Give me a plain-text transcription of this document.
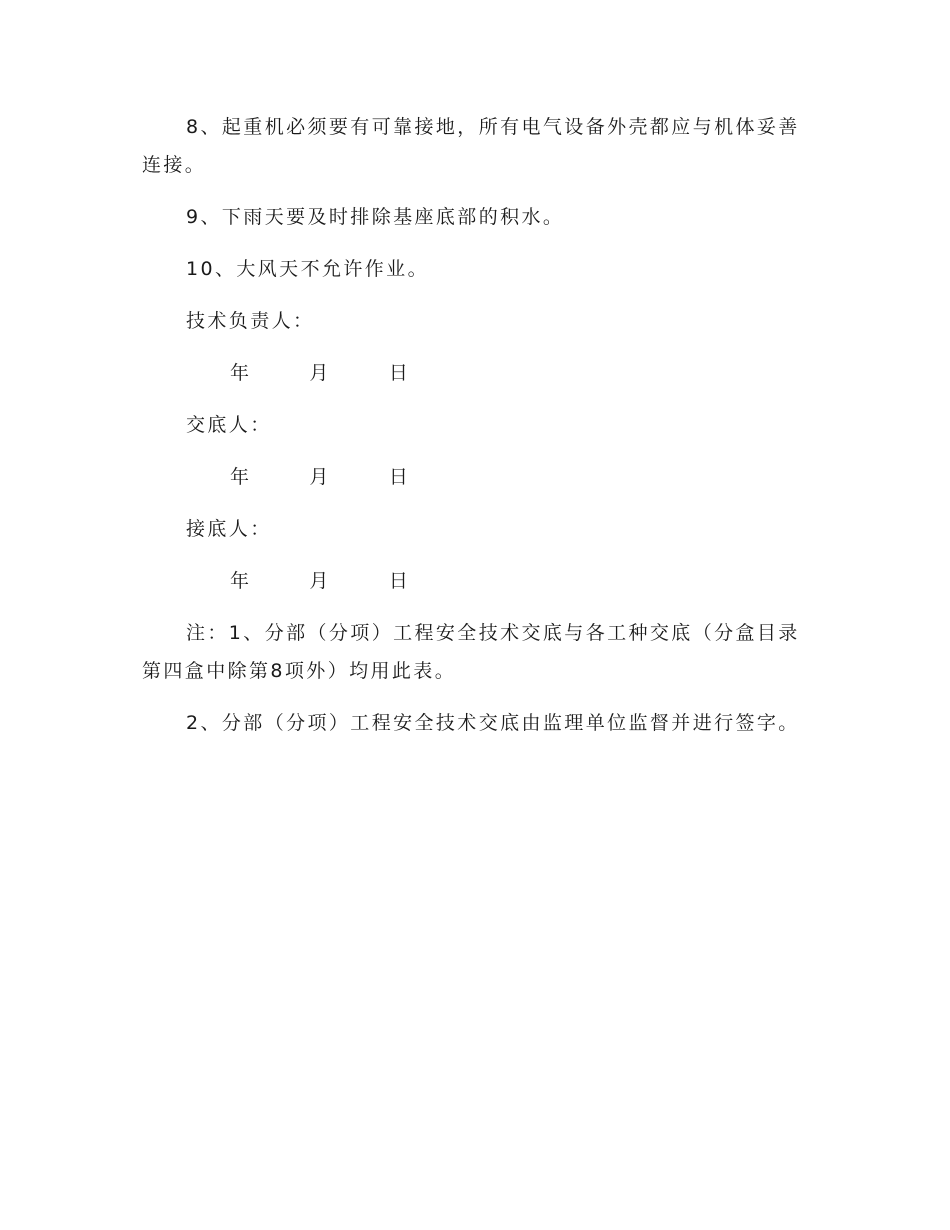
8、起重机必须要有可靠接地，所有电气设备外壳都应与机体妥善连接。

9、下雨天要及时排除基座底部的积水。

10、大风天不允许作业。

技术负责人：

年	月	日

交底人：

年	月	日

接底人：

年	月	日

注：1、分部（分项）工程安全技术交底与各工种交底（分盒目录第四盒中除第8项外）均用此表。

2、分部（分项）工程安全技术交底由监理单位监督并进行签字。
